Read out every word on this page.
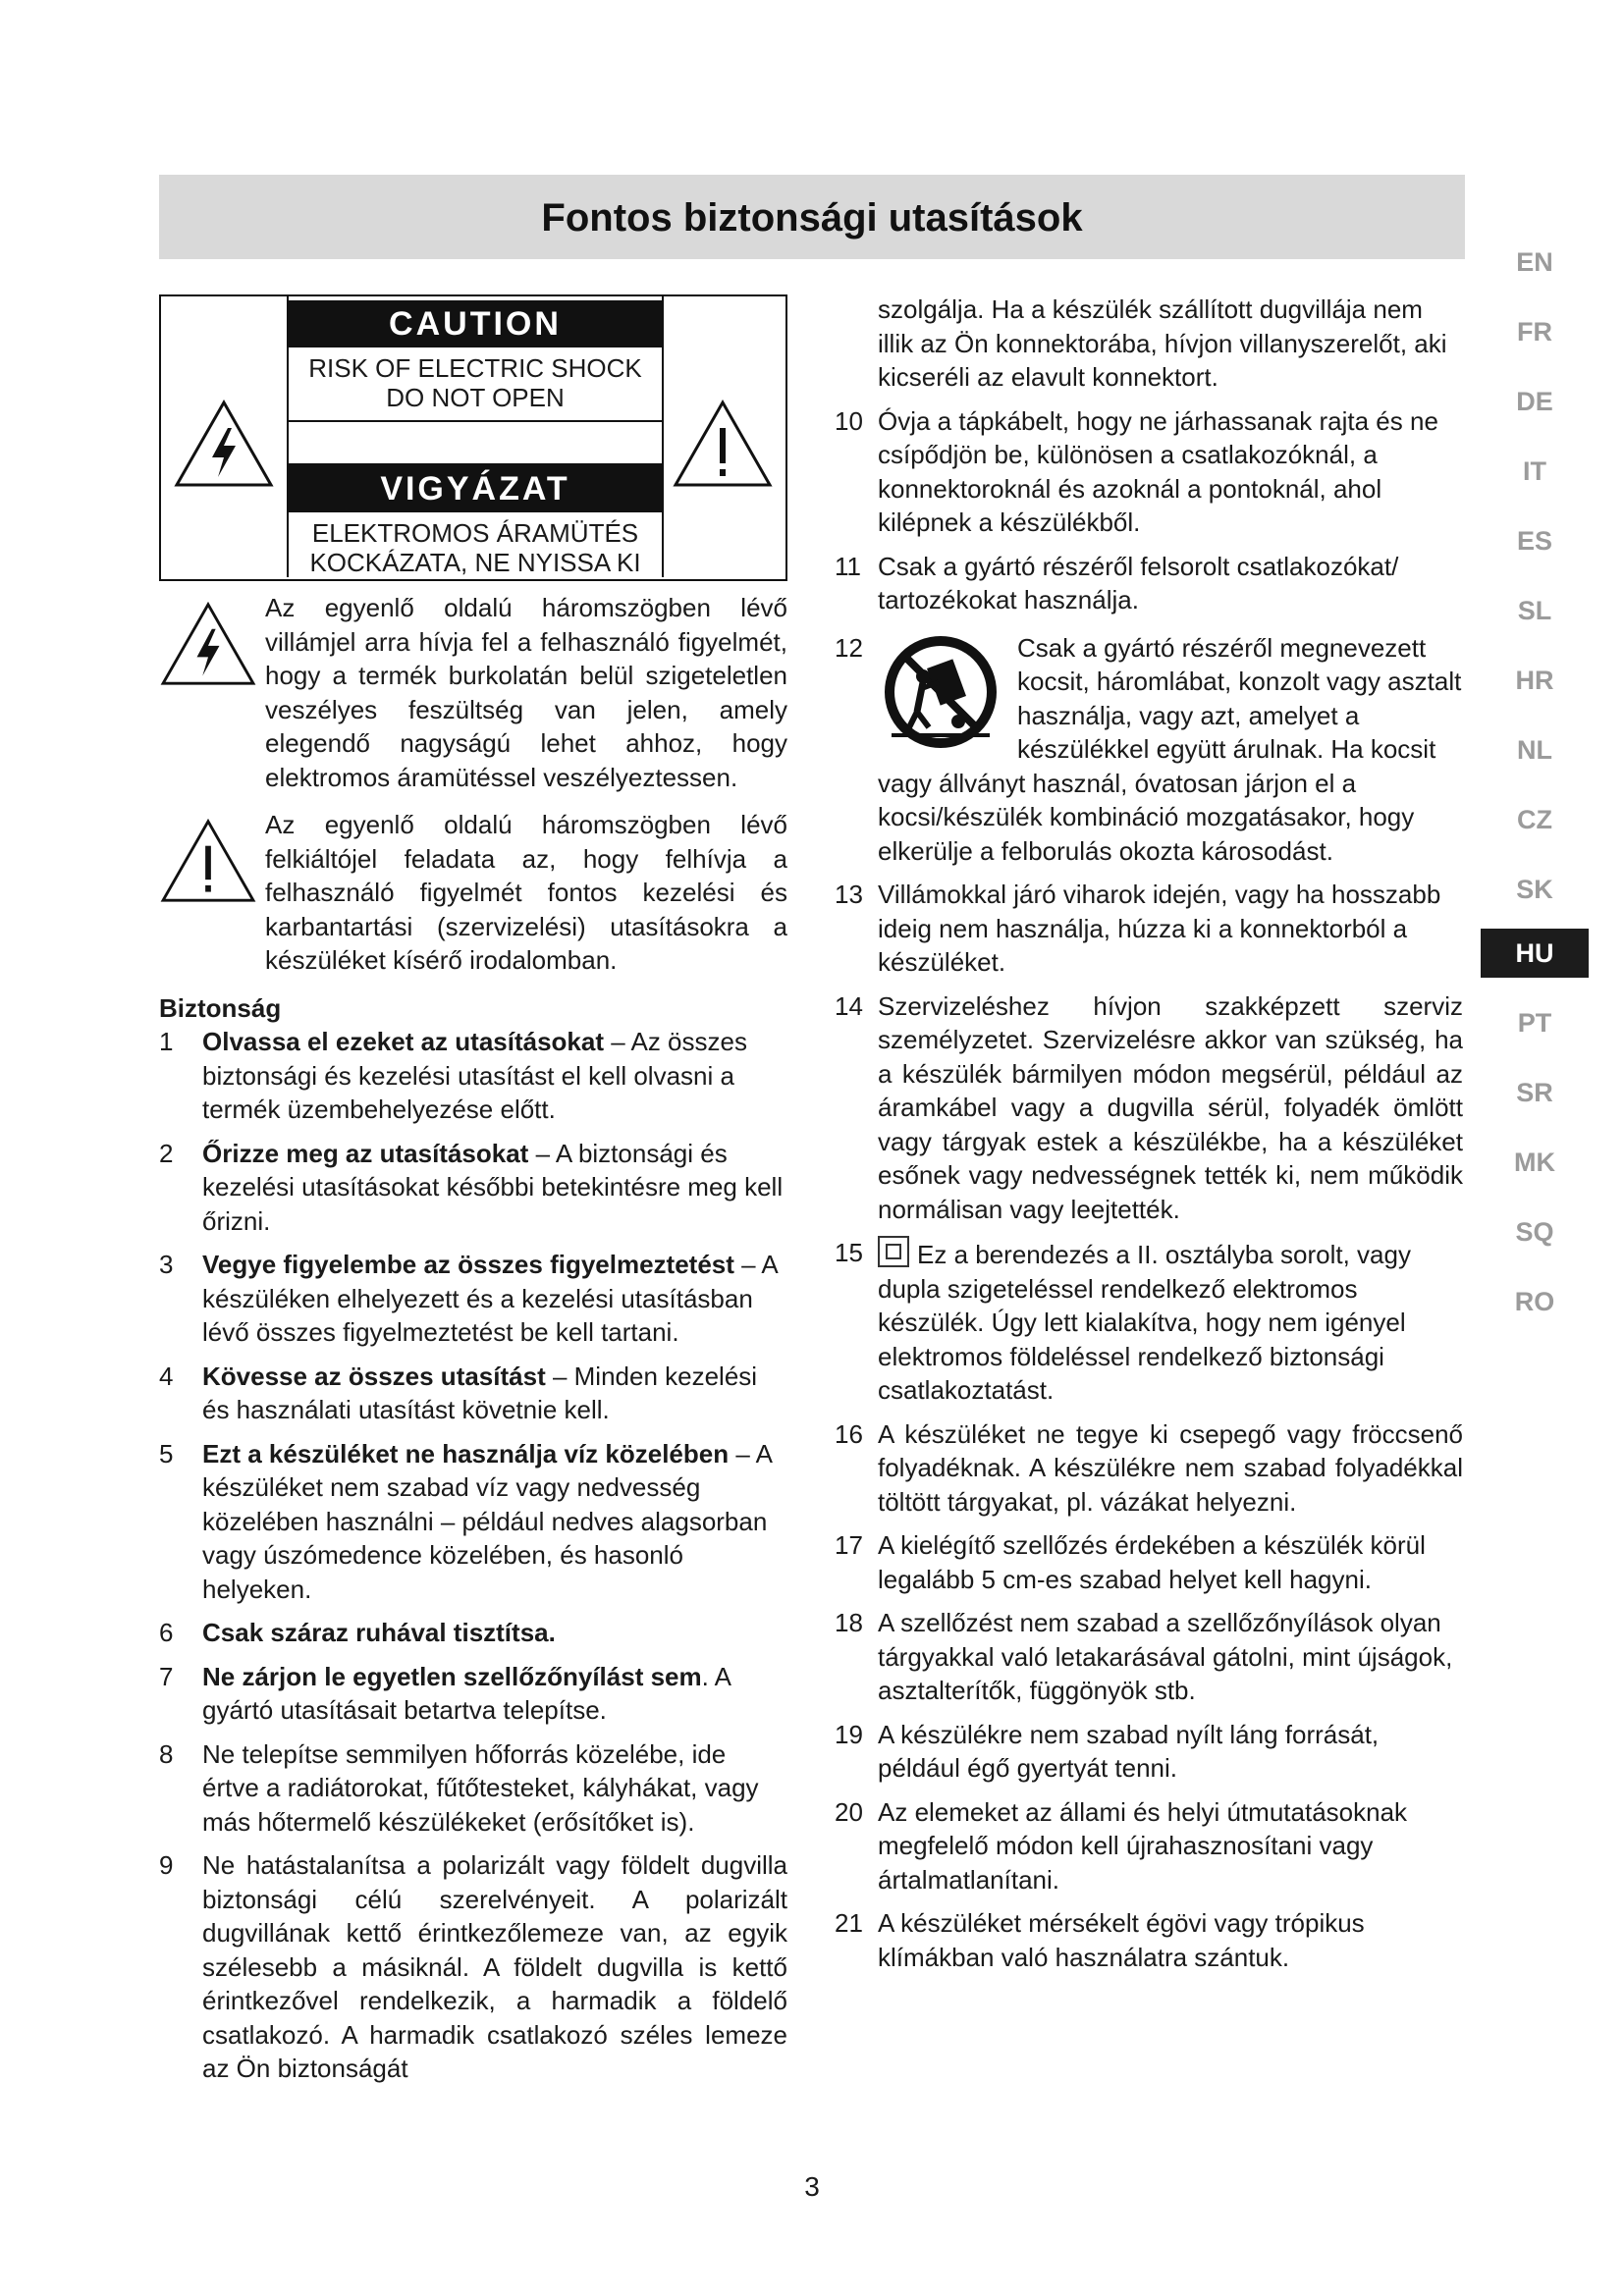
Fontos biztonsági utasítások
EN
FR
DE
IT
ES
SL
HR
NL
CZ
SK
HU
PT
SR
MK
SQ
RO
CAUTION
RISK OF ELECTRIC SHOCK
DO NOT OPEN
VIGYÁZAT
ELEKTROMOS ÁRAMÜTÉS
KOCKÁZATA, NE NYISSA KI
Az egyenlő oldalú háromszögben lévő villámjel arra hívja fel a felhasználó figyelmét, hogy a termék burkolatán belül szigeteletlen veszélyes feszültség van jelen, amely elegendő nagyságú lehet ahhoz, hogy elektromos áramütéssel veszélyeztessen.
Az egyenlő oldalú háromszögben lévő felkiáltójel feladata az, hogy felhívja a felhasználó figyelmét fontos kezelési és karbantartási (szervizelési) utasításokra a készüléket kísérő irodalomban.
Biztonság
1 Olvassa el ezeket az utasításokat – Az összes biztonsági és kezelési utasítást el kell olvasni a termék üzembehelyezése előtt.
2 Őrizze meg az utasításokat – A biztonsági és kezelési utasításokat későbbi betekintésre meg kell őrizni.
3 Vegye figyelembe az összes figyelmeztetést – A készüléken elhelyezett és a kezelési utasításban lévő összes figyelmeztetést be kell tartani.
4 Kövesse az összes utasítást – Minden kezelési és használati utasítást követnie kell.
5 Ezt a készüléket ne használja víz közelében – A készüléket nem szabad víz vagy nedvesség közelében használni – például nedves alagsorban vagy úszómedence közelében, és hasonló helyeken.
6 Csak száraz ruhával tisztítsa.
7 Ne zárjon le egyetlen szellőzőnyílást sem. A gyártó utasításait betartva telepítse.
8 Ne telepítse semmilyen hőforrás közelébe, ide értve a radiátorokat, fűtőtesteket, kályhákat, vagy más hőtermelő készülékeket (erősítőket is).
9 Ne hatástalanítsa a polarizált vagy földelt dugvilla biztonsági célú szerelvényeit. A polarizált dugvillának kettő érintkezőlemeze van, az egyik szélesebb a másiknál. A földelt dugvilla is kettő érintkezővel rendelkezik, a harmadik a földelő csatlakozó. A harmadik csatlakozó széles lemeze az Ön biztonságát
szolgálja. Ha a készülék szállított dugvillája nem illik az Ön konnektorába, hívjon villanyszerelőt, aki kicseréli az elavult konnektort.
10 Óvja a tápkábelt, hogy ne járhassanak rajta és ne csípődjön be, különösen a csatlakozóknál, a konnektoroknál és azoknál a pontoknál, ahol kilépnek a készülékből.
11 Csak a gyártó részéről felsorolt csatlakozókat/ tartozékokat használja.
12	Csak a gyártó részéről megnevezett kocsit, háromlábat, konzolt vagy asztalt használja, vagy azt, amelyet a készülékkel együtt árulnak. Ha kocsit vagy állványt használ, óvatosan járjon el a kocsi/készülék kombináció mozgatásakor, hogy elkerülje a felborulás okozta károsodást.
13 Villámokkal járó viharok idején, vagy ha hosszabb ideig nem használja, húzza ki a konnektorból a készüléket.
14 Szervizeléshez hívjon szakképzett szerviz személyzetet. Szervizelésre akkor van szükség, ha a készülék bármilyen módon megsérül, például az áramkábel vagy a dugvilla sérül, folyadék ömlött vagy tárgyak estek a készülékbe, ha a készüléket esőnek vagy nedvességnek tették ki, nem működik normálisan vagy leejtették.
15 Ez a berendezés a II. osztályba sorolt, vagy dupla szigeteléssel rendelkező elektromos készülék. Úgy lett kialakítva, hogy nem igényel elektromos földeléssel rendelkező biztonsági csatlakoztatást.
16 A készüléket ne tegye ki csepegő vagy fröccsenő folyadéknak. A készülékre nem szabad folyadékkal töltött tárgyakat, pl. vázákat helyezni.
17 A kielégítő szellőzés érdekében a készülék körül legalább 5 cm-es szabad helyet kell hagyni.
18 A szellőzést nem szabad a szellőzőnyílások olyan tárgyakkal való letakarásával gátolni, mint újságok, asztalterítők, függönyök stb.
19 A készülékre nem szabad nyílt láng forrását, például égő gyertyát tenni.
20 Az elemeket az állami és helyi útmutatásoknak megfelelő módon kell újrahasznosítani vagy ártalmatlanítani.
21 A készüléket mérsékelt égövi vagy trópikus klímákban való használatra szántuk.
3
